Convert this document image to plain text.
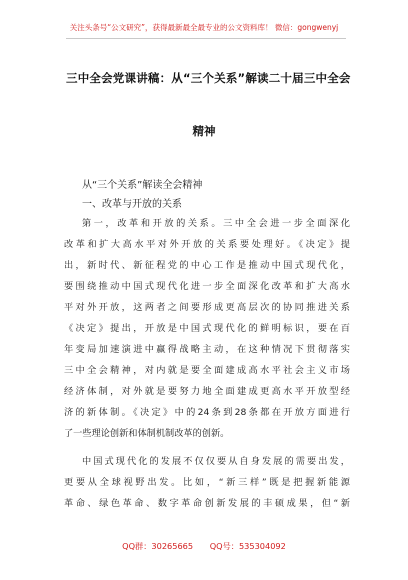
关注头条号“公文研究”，获得最新最全最专业的公文资料库！ 微信：gongwenyj
三中全会党课讲稿：从“三个关系”解读二十届三中全会
精神
从“三个关系”解读全会精神
一、改革与开放的关系
第一，改革和开放的关系。三中全会进一步全面深化
改革和扩大高水平对外开放的关系要处理好。《决定》提
出，新时代、新征程党的中心工作是推动中国式现代化，
要围绕推动中国式现代化进一步全面深化改革和扩大高水
平对外开放，这两者之间要形成更高层次的协同推进关系
《决定》提出，开放是中国式现代化的鲜明标识，要在百
年变局加速演进中赢得战略主动，在这种情况下贯彻落实
三中全会精神，对内就是要全面建成高水平社会主义市场
经济体制，对外就是要努力地全面建成更高水平开放型经
济的新体制。《决定》中的24条到28条都在开放方面进行
了一些理论创新和体制机制改革的创新。
中国式现代化的发展不仅仅要从自身发展的需要出发，
更要从全球视野出发。比如，“新三样”既是把握新能源
革命、绿色革命、数字革命创新发展的丰硕成果，但“新
QQ群：30265665 QQ号：535304092
